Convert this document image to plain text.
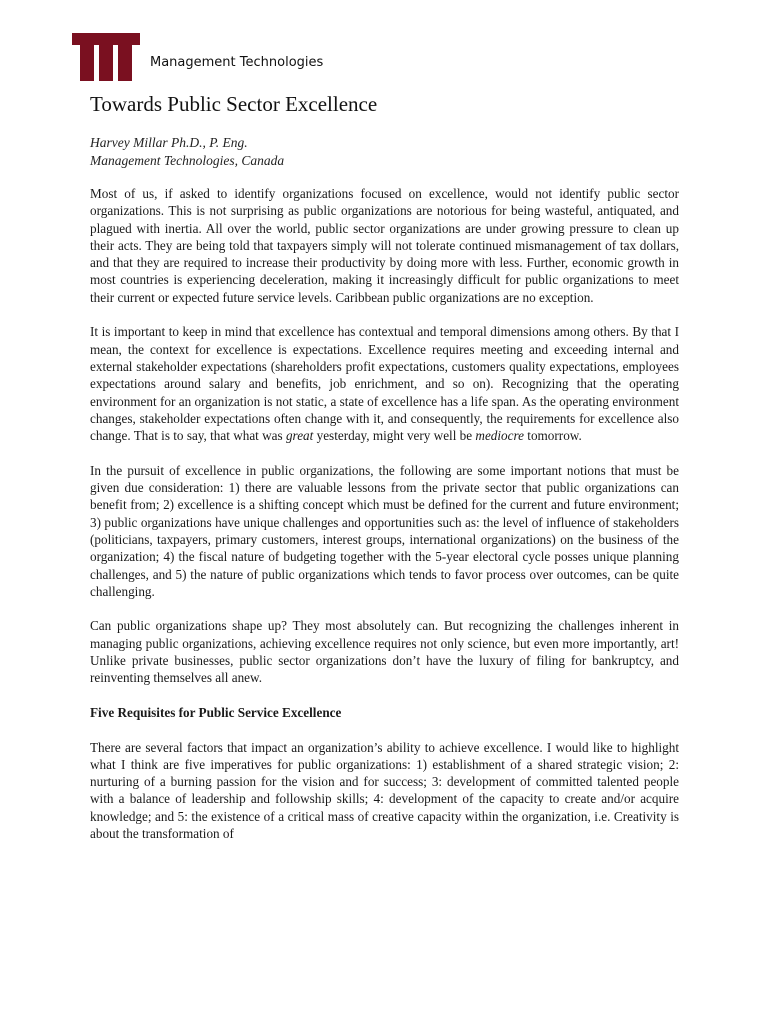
Management Technologies
Towards Public Sector Excellence
Harvey Millar Ph.D., P. Eng.
Management Technologies, Canada

Most of us, if asked to identify organizations focused on excellence, would not identify public sector organizations. This is not surprising as public organizations are notorious for being wasteful, antiquated, and plagued with inertia. All over the world, public sector organizations are under growing pressure to clean up their acts. They are being told that taxpayers simply will not tolerate continued mismanagement of tax dollars, and that they are required to increase their productivity by doing more with less. Further, economic growth in most countries is experiencing deceleration, making it increasingly difficult for public organizations to meet their current or expected future service levels. Caribbean public organizations are no exception.

It is important to keep in mind that excellence has contextual and temporal dimensions among others. By that I mean, the context for excellence is expectations. Excellence requires meeting and exceeding internal and external stakeholder expectations (shareholders profit expectations, customers quality expectations, employees expectations around salary and benefits, job enrichment, and so on). Recognizing that the operating environment for an organization is not static, a state of excellence has a life span. As the operating environment changes, stakeholder expectations often change with it, and consequently, the requirements for excellence also change. That is to say, that what was great yesterday, might very well be mediocre tomorrow.

In the pursuit of excellence in public organizations, the following are some important notions that must be given due consideration: 1) there are valuable lessons from the private sector that public organizations can benefit from; 2) excellence is a shifting concept which must be defined for the current and future environment; 3) public organizations have unique challenges and opportunities such as: the level of influence of stakeholders (politicians, taxpayers, primary customers, interest groups, international organizations) on the business of the organization; 4) the fiscal nature of budgeting together with the 5-year electoral cycle posses unique planning challenges, and 5) the nature of public organizations which tends to favor process over outcomes, can be quite challenging.

Can public organizations shape up? They most absolutely can. But recognizing the challenges inherent in managing public organizations, achieving excellence requires not only science, but even more importantly, art! Unlike private businesses, public sector organizations don’t have the luxury of filing for bankruptcy, and reinventing themselves all anew.

Five Requisites for Public Service Excellence

There are several factors that impact an organization’s ability to achieve excellence. I would like to highlight what I think are five imperatives for public organizations: 1) establishment of a shared strategic vision; 2: nurturing of a burning passion for the vision and for success; 3: development of committed talented people with a balance of leadership and followship skills; 4: development of the capacity to create and/or acquire knowledge; and 5: the existence of a critical mass of creative capacity within the organization, i.e. Creativity is about the transformation of
